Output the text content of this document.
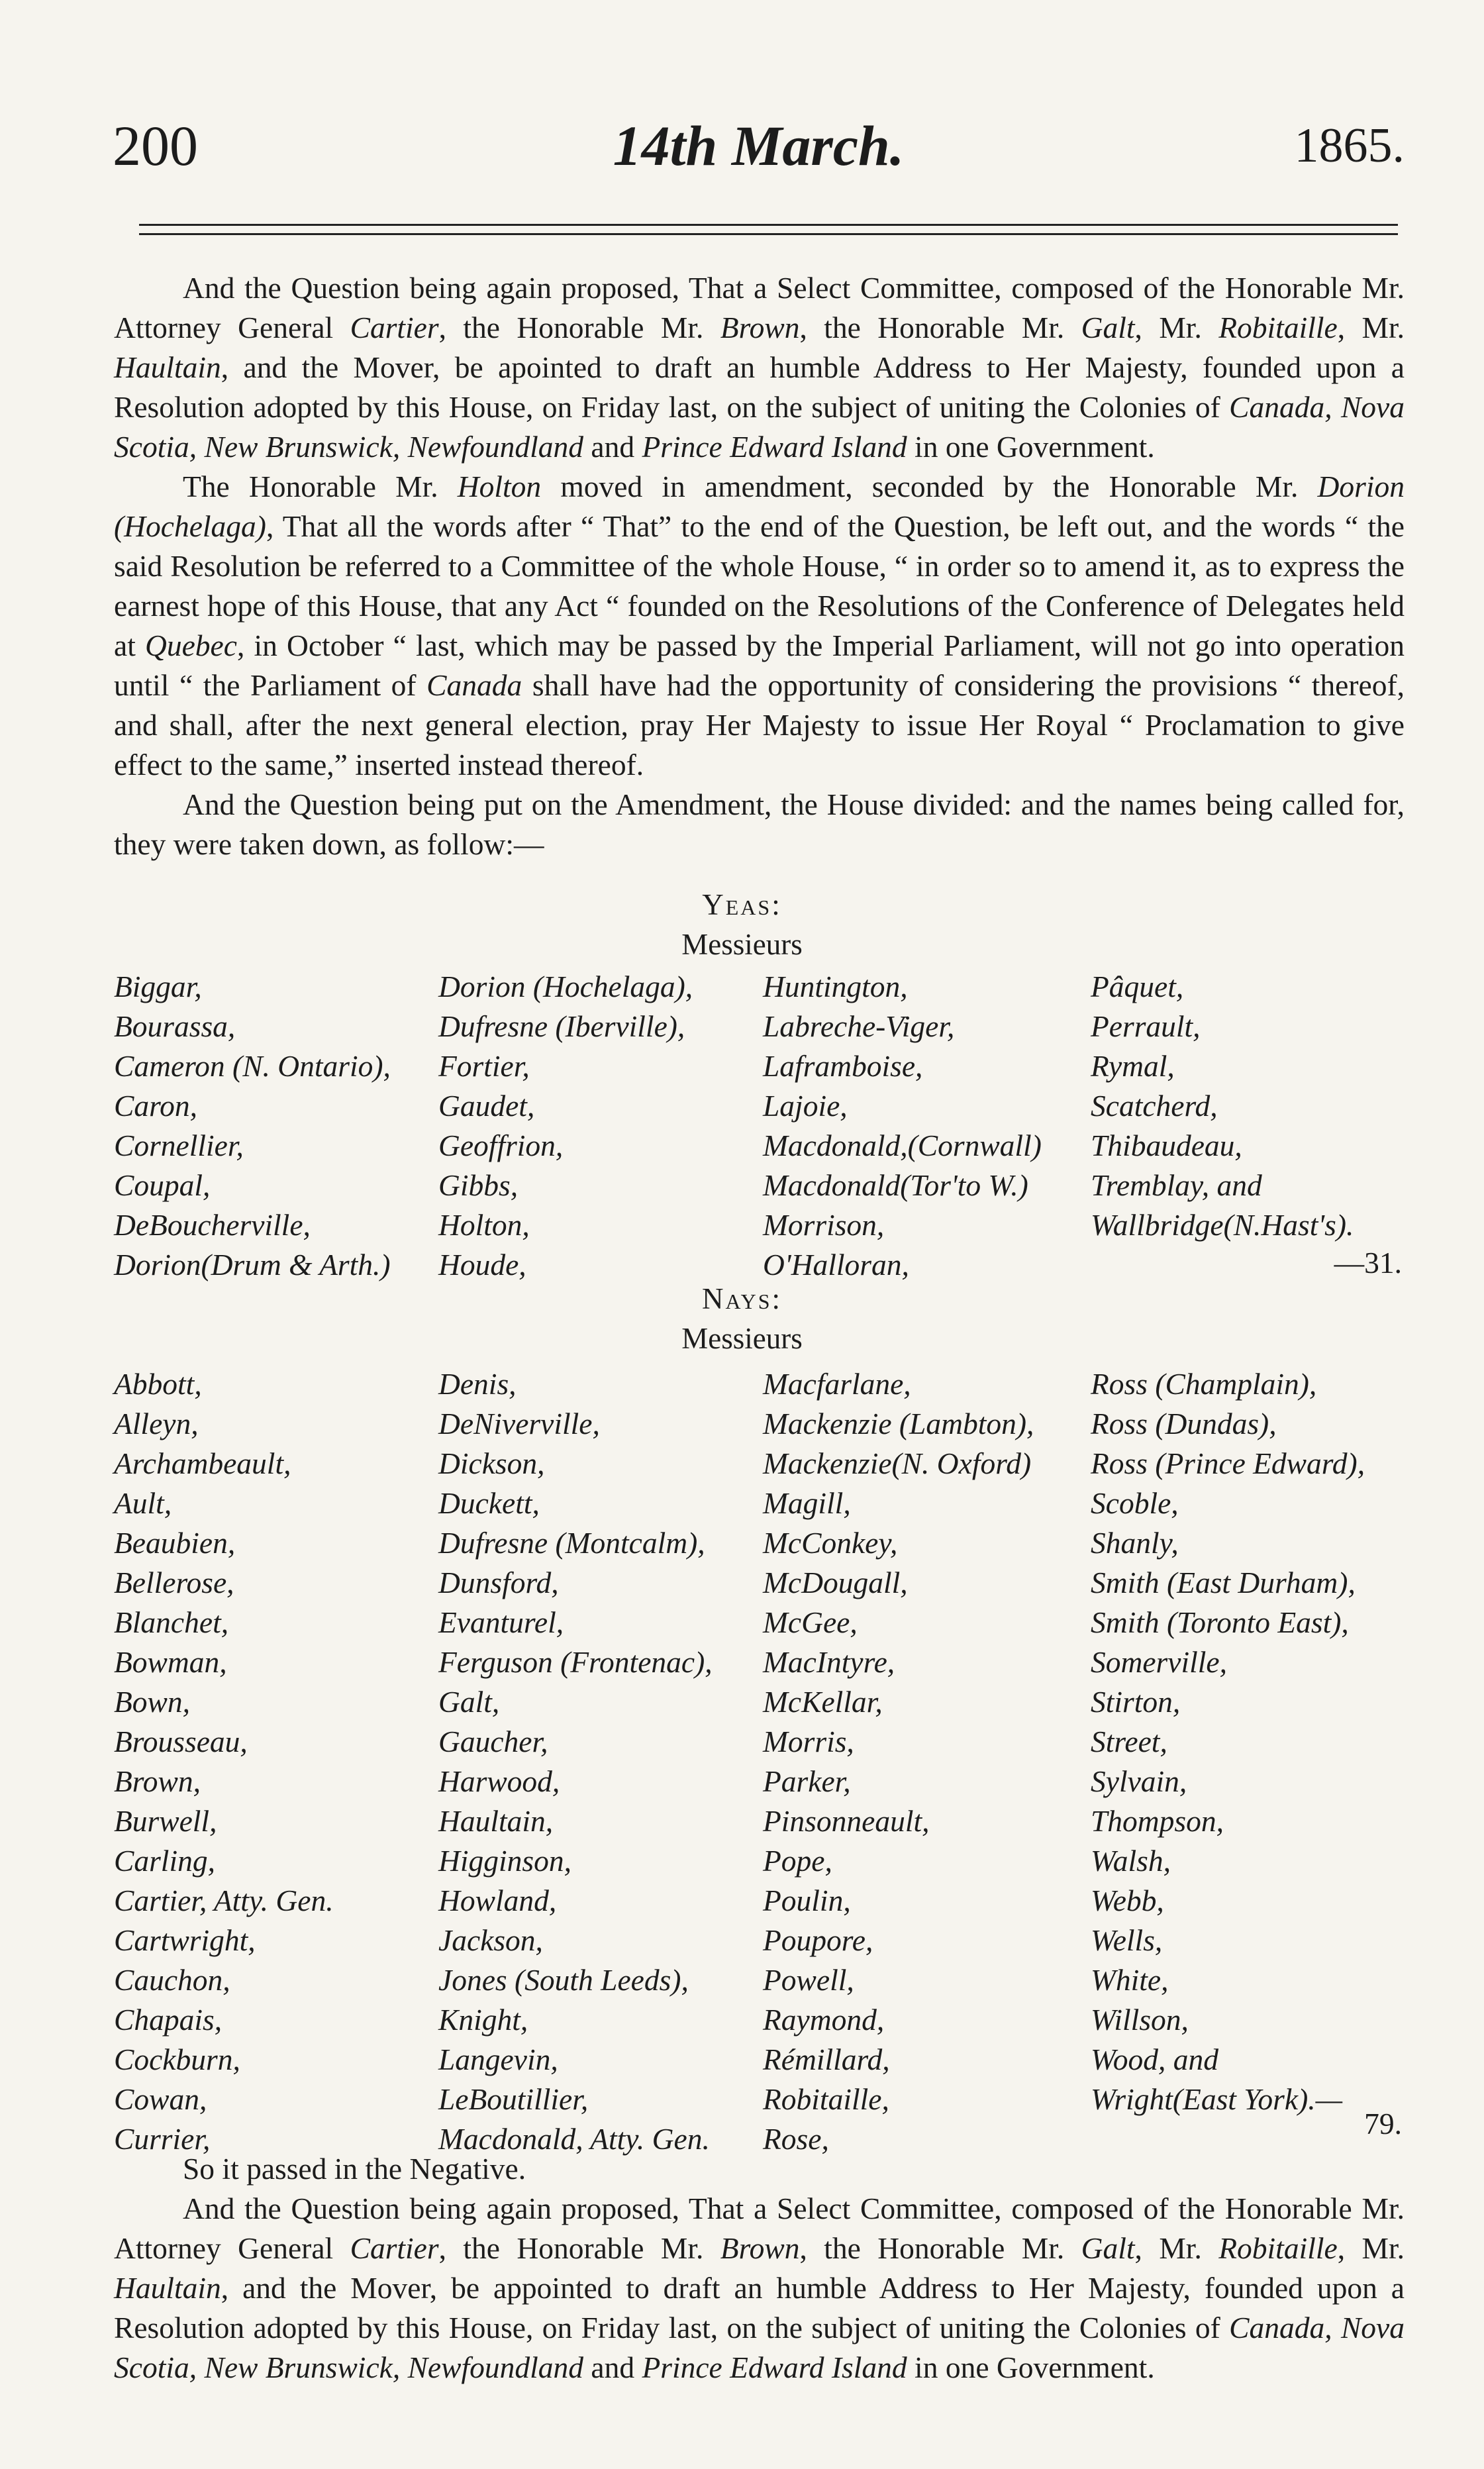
200	14th March.	1865.

And the Question being again proposed, That a Select Committee, composed of the Honorable Mr. Attorney General Cartier, the Honorable Mr. Brown, the Honorable Mr. Galt, Mr. Robitaille, Mr. Haultain, and the Mover, be apointed to draft an humble Address to Her Majesty, founded upon a Resolution adopted by this House, on Friday last, on the subject of uniting the Colonies of Canada, Nova Scotia, New Brunswick, Newfoundland and Prince Edward Island in one Government.

The Honorable Mr. Holton moved in amendment, seconded by the Honorable Mr. Dorion (Hochelaga), That all the words after “ That” to the end of the Question, be left out, and the words “ the said Resolution be referred to a Committee of the whole House, “ in order so to amend it, as to express the earnest hope of this House, that any Act “ founded on the Resolutions of the Conference of Delegates held at Quebec, in October “ last, which may be passed by the Imperial Parliament, will not go into operation until “ the Parliament of Canada shall have had the opportunity of considering the provisions “ thereof, and shall, after the next general election, pray Her Majesty to issue Her Royal “ Proclamation to give effect to the same,” inserted instead thereof.

And the Question being put on the Amendment, the House divided: and the names being called for, they were taken down, as follow:—

Yeas:
Messieurs
Biggar,	Dorion (Hochelaga),	Huntington,	Pâquet,
Bourassa,	Dufresne (Iberville),	Labreche-Viger,	Perrault,
Cameron (N. Ontario),	Fortier,	Laframboise,	Rymal,
Caron,	Gaudet,	Lajoie,	Scatcherd,
Cornellier,	Geoffrion,	Macdonald,(Cornwall)	Thibaudeau,
Coupal,	Gibbs,	Macdonald(Tor'to W.)	Tremblay, and
DeBoucherville,	Holton,	Morrison,	Wallbridge(N.Hast's).
Dorion(Drum & Arth.)	Houde,	O'Halloran,	—31.
Nays:
Messieurs
Abbott,	Denis,	Macfarlane,	Ross (Champlain),
Alleyn,	DeNiverville,	Mackenzie (Lambton),	Ross (Dundas),
Archambeault,	Dickson,	Mackenzie(N. Oxford)	Ross (Prince Edward),
Ault,	Duckett,	Magill,	Scoble,
Beaubien,	Dufresne (Montcalm),	McConkey,	Shanly,
Bellerose,	Dunsford,	McDougall,	Smith (East Durham),
Blanchet,	Evanturel,	McGee,	Smith (Toronto East),
Bowman,	Ferguson (Frontenac),	MacIntyre,	Somerville,
Bown,	Galt,	McKellar,	Stirton,
Brousseau,	Gaucher,	Morris,	Street,
Brown,	Harwood,	Parker,	Sylvain,
Burwell,	Haultain,	Pinsonneault,	Thompson,
Carling,	Higginson,	Pope,	Walsh,
Cartier, Atty. Gen.	Howland,	Poulin,	Webb,
Cartwright,	Jackson,	Poupore,	Wells,
Cauchon,	Jones (South Leeds),	Powell,	White,
Chapais,	Knight,	Raymond,	Willson,
Cockburn,	Langevin,	Rémillard,	Wood, and
Cowan,	LeBoutillier,	Robitaille,	Wright(East York).—
Currier,	Macdonald, Atty. Gen.	Rose,	79.

So it passed in the Negative.

And the Question being again proposed, That a Select Committee, composed of the Honorable Mr. Attorney General Cartier, the Honorable Mr. Brown, the Honorable Mr. Galt, Mr. Robitaille, Mr. Haultain, and the Mover, be appointed to draft an humble Address to Her Majesty, founded upon a Resolution adopted by this House, on Friday last, on the subject of uniting the Colonies of Canada, Nova Scotia, New Brunswick, Newfoundland and Prince Edward Island in one Government.
